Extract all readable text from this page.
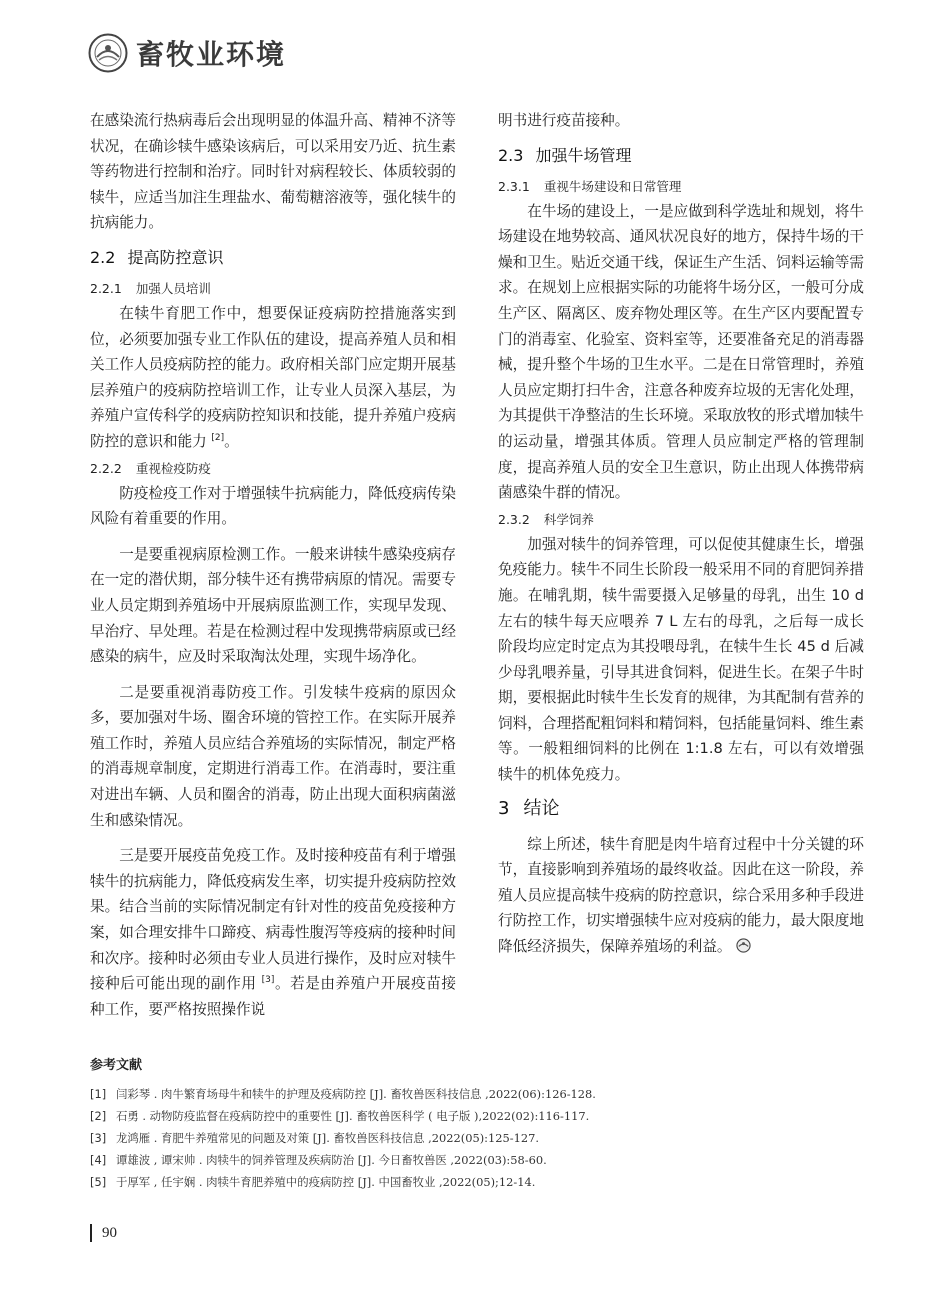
畜牧业环境

在感染流行热病毒后会出现明显的体温升高、精神不济等状况，在确诊犊牛感染该病后，可以采用安乃近、抗生素等药物进行控制和治疗。同时针对病程较长、体质较弱的犊牛，应适当加注生理盐水、葡萄糖溶液等，强化犊牛的抗病能力。

2.2 提高防控意识
2.2.1 加强人员培训

在犊牛育肥工作中，想要保证疫病防控措施落实到位，必须要加强专业工作队伍的建设，提高养殖人员和相关工作人员疫病防控的能力。政府相关部门应定期开展基层养殖户的疫病防控培训工作，让专业人员深入基层，为养殖户宣传科学的疫病防控知识和技能，提升养殖户疫病防控的意识和能力 [2]。

2.2.2 重视检疫防疫

防疫检疫工作对于增强犊牛抗病能力，降低疫病传染风险有着重要的作用。

一是要重视病原检测工作。一般来讲犊牛感染疫病存在一定的潜伏期，部分犊牛还有携带病原的情况。需要专业人员定期到养殖场中开展病原监测工作，实现早发现、早治疗、早处理。若是在检测过程中发现携带病原或已经感染的病牛，应及时采取淘汰处理，实现牛场净化。

二是要重视消毒防疫工作。引发犊牛疫病的原因众多，要加强对牛场、圈舍环境的管控工作。在实际开展养殖工作时，养殖人员应结合养殖场的实际情况，制定严格的消毒规章制度，定期进行消毒工作。在消毒时，要注重对进出车辆、人员和圈舍的消毒，防止出现大面积病菌滋生和感染情况。

三是要开展疫苗免疫工作。及时接种疫苗有利于增强犊牛的抗病能力，降低疫病发生率，切实提升疫病防控效果。结合当前的实际情况制定有针对性的疫苗免疫接种方案，如合理安排牛口蹄疫、病毒性腹泻等疫病的接种时间和次序。接种时必须由专业人员进行操作，及时应对犊牛接种后可能出现的副作用 [3]。若是由养殖户开展疫苗接种工作，要严格按照操作说

明书进行疫苗接种。

2.3 加强牛场管理
2.3.1 重视牛场建设和日常管理

在牛场的建设上，一是应做到科学选址和规划，将牛场建设在地势较高、通风状况良好的地方，保持牛场的干燥和卫生。贴近交通干线，保证生产生活、饲料运输等需求。在规划上应根据实际的功能将牛场分区，一般可分成生产区、隔离区、废弃物处理区等。在生产区内要配置专门的消毒室、化验室、资料室等，还要准备充足的消毒器械，提升整个牛场的卫生水平。二是在日常管理时，养殖人员应定期打扫牛舍，注意各种废弃垃圾的无害化处理，为其提供干净整洁的生长环境。采取放牧的形式增加犊牛的运动量，增强其体质。管理人员应制定严格的管理制度，提高养殖人员的安全卫生意识，防止出现人体携带病菌感染牛群的情况。

2.3.2 科学饲养

加强对犊牛的饲养管理，可以促使其健康生长，增强免疫能力。犊牛不同生长阶段一般采用不同的育肥饲养措施。在哺乳期，犊牛需要摄入足够量的母乳，出生 10 d 左右的犊牛每天应喂养 7 L 左右的母乳，之后每一成长阶段均应定时定点为其投喂母乳，在犊牛生长 45 d 后减少母乳喂养量，引导其进食饲料，促进生长。在架子牛时期，要根据此时犊牛生长发育的规律，为其配制有营养的饲料，合理搭配粗饲料和精饲料，包括能量饲料、维生素等。一般粗细饲料的比例在 1:1.8 左右，可以有效增强犊牛的机体免疫力。

3 结论

综上所述，犊牛育肥是肉牛培育过程中十分关键的环节，直接影响到养殖场的最终收益。因此在这一阶段，养殖人员应提高犊牛疫病的防控意识，综合采用多种手段进行防控工作，切实增强犊牛应对疫病的能力，最大限度地降低经济损失，保障养殖场的利益。

参考文献
[1] 闫彩琴 . 肉牛繁育场母牛和犊牛的护理及疫病防控 [J]. 畜牧兽医科技信息 ,2022(06):126-128.
[2] 石勇 . 动物防疫监督在疫病防控中的重要性 [J]. 畜牧兽医科学 ( 电子版 ),2022(02):116-117.
[3] 龙鸿雁 . 育肥牛养殖常见的问题及对策 [J]. 畜牧兽医科技信息 ,2022(05):125-127.
[4] 谭雄波 , 谭宋帅 . 肉犊牛的饲养管理及疾病防治 [J]. 今日畜牧兽医 ,2022(03):58-60.
[5] 于厚军 , 任宇娴 . 肉犊牛育肥养殖中的疫病防控 [J]. 中国畜牧业 ,2022(05);12-14.
90
